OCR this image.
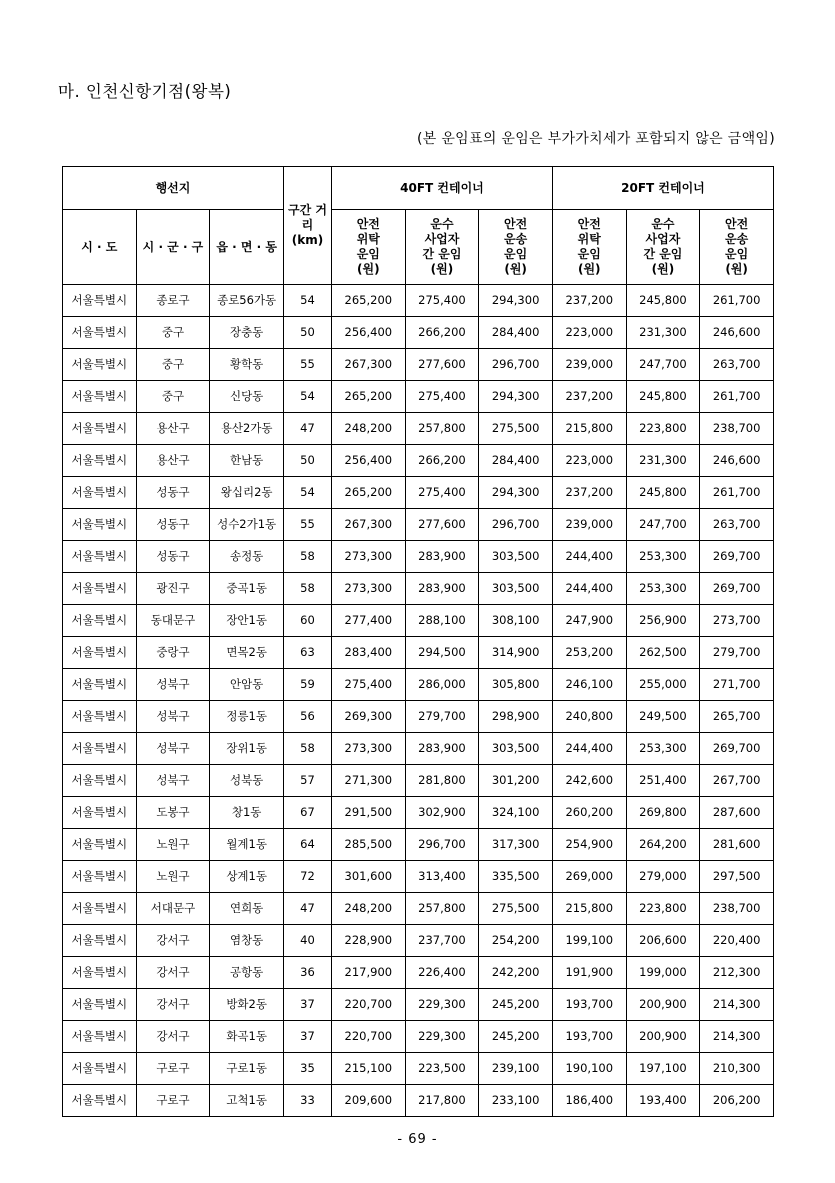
마. 인천신항기점(왕복)
(본 운임표의 운임은 부가가치세가 포함되지 않은 금액임)
행선지			구간 거리 (km)	40FT 컨테이너			20FT 컨테이너		
시 · 도	시 · 군 · 구	읍 · 면 · 동		안전
위탁
운임
(원)	운수
사업자
간 운임
(원)	안전
운송
운임
(원)	안전
위탁
운임
(원)	운수
사업자
간 운임
(원)	안전
운송
운임
(원)

서울특별시	종로구	종로56가동	54	265,200	275,400	294,300	237,200	245,800	261,700
서울특별시	중구	장충동	50	256,400	266,200	284,400	223,000	231,300	246,600
서울특별시	중구	황학동	55	267,300	277,600	296,700	239,000	247,700	263,700
서울특별시	중구	신당동	54	265,200	275,400	294,300	237,200	245,800	261,700
서울특별시	용산구	용산2가동	47	248,200	257,800	275,500	215,800	223,800	238,700
서울특별시	용산구	한남동	50	256,400	266,200	284,400	223,000	231,300	246,600
서울특별시	성동구	왕십리2동	54	265,200	275,400	294,300	237,200	245,800	261,700
서울특별시	성동구	성수2가1동	55	267,300	277,600	296,700	239,000	247,700	263,700
서울특별시	성동구	송정동	58	273,300	283,900	303,500	244,400	253,300	269,700
서울특별시	광진구	중곡1동	58	273,300	283,900	303,500	244,400	253,300	269,700
서울특별시	동대문구	장안1동	60	277,400	288,100	308,100	247,900	256,900	273,700
서울특별시	중랑구	면목2동	63	283,400	294,500	314,900	253,200	262,500	279,700
서울특별시	성북구	안암동	59	275,400	286,000	305,800	246,100	255,000	271,700
서울특별시	성북구	정릉1동	56	269,300	279,700	298,900	240,800	249,500	265,700
서울특별시	성북구	장위1동	58	273,300	283,900	303,500	244,400	253,300	269,700
서울특별시	성북구	성북동	57	271,300	281,800	301,200	242,600	251,400	267,700
서울특별시	도봉구	창1동	67	291,500	302,900	324,100	260,200	269,800	287,600
서울특별시	노원구	월계1동	64	285,500	296,700	317,300	254,900	264,200	281,600
서울특별시	노원구	상계1동	72	301,600	313,400	335,500	269,000	279,000	297,500
서울특별시	서대문구	연희동	47	248,200	257,800	275,500	215,800	223,800	238,700
서울특별시	강서구	염창동	40	228,900	237,700	254,200	199,100	206,600	220,400
서울특별시	강서구	공항동	36	217,900	226,400	242,200	191,900	199,000	212,300
서울특별시	강서구	방화2동	37	220,700	229,300	245,200	193,700	200,900	214,300
서울특별시	강서구	화곡1동	37	220,700	229,300	245,200	193,700	200,900	214,300
서울특별시	구로구	구로1동	35	215,100	223,500	239,100	190,100	197,100	210,300
서울특별시	구로구	고척1동	33	209,600	217,800	233,100	186,400	193,400	206,200
- 69 -
